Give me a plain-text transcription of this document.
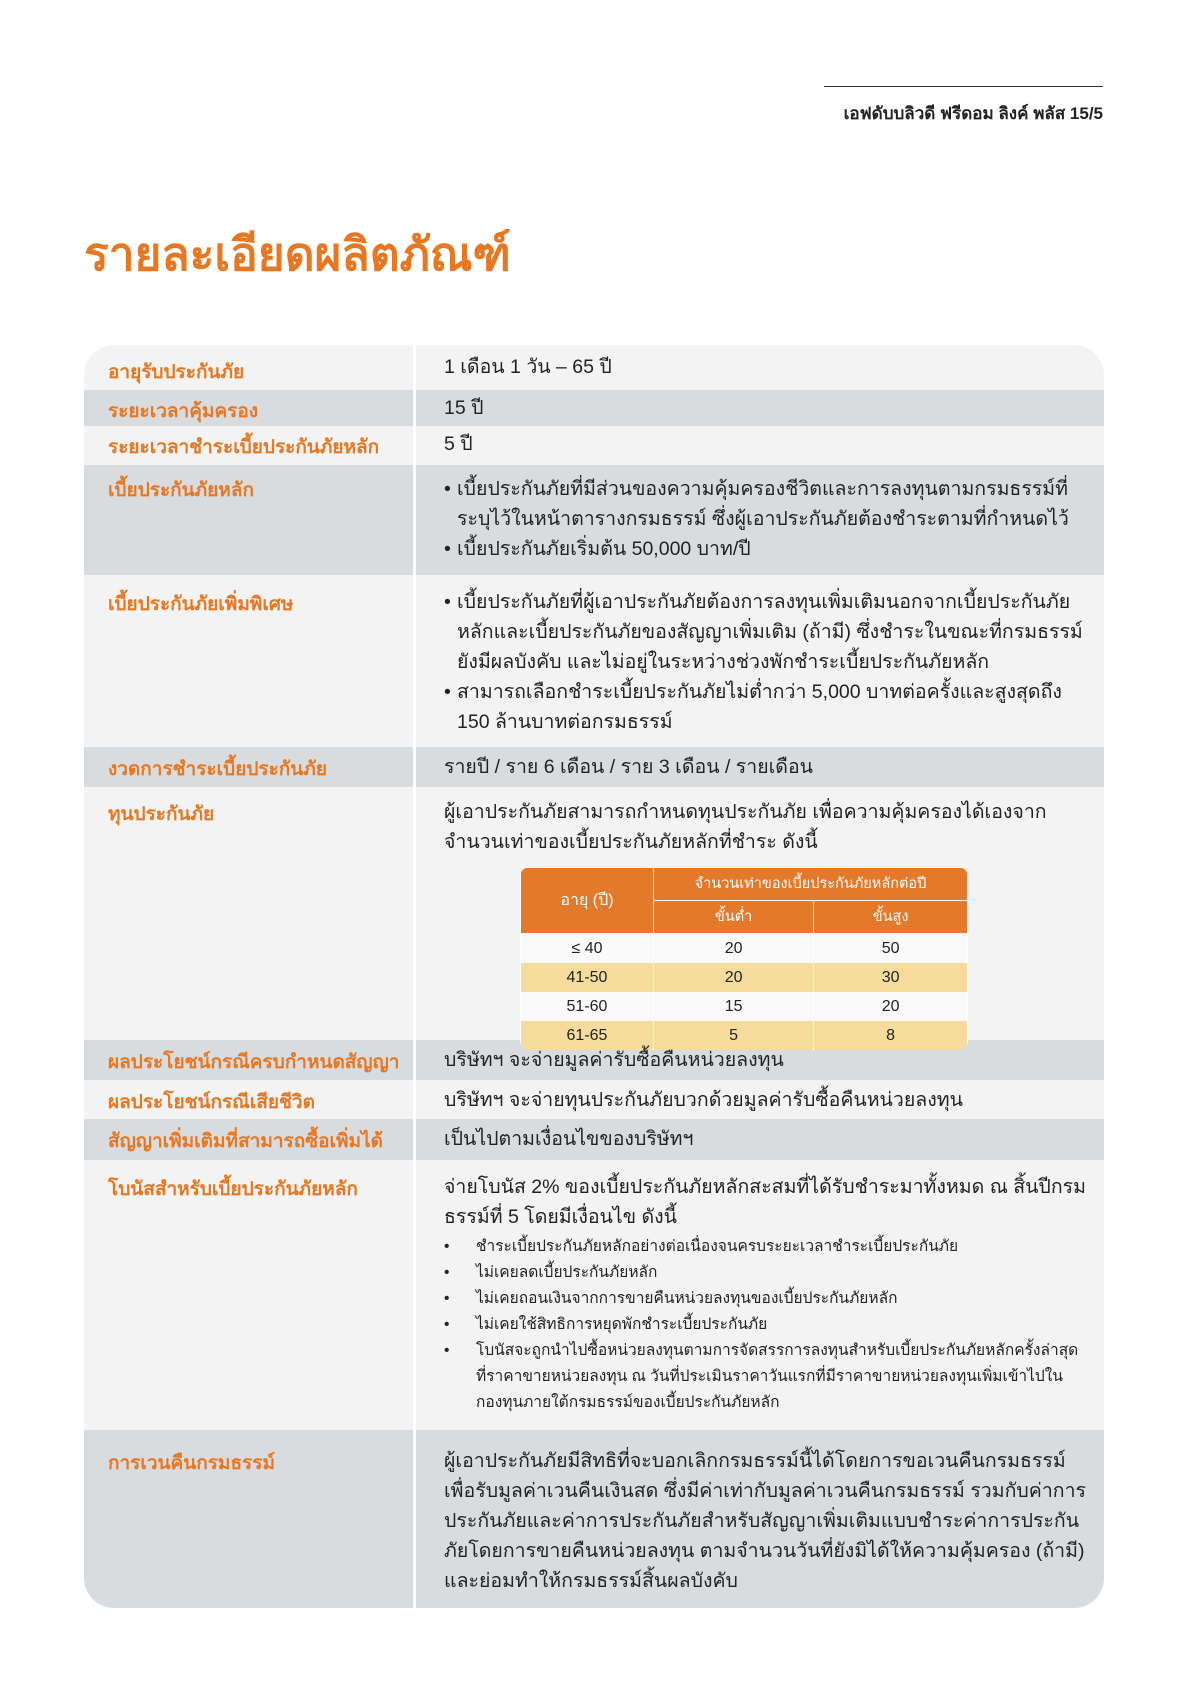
เอฟดับบลิวดี ฟรีดอม ลิงค์ พลัส 15/5
รายละเอียดผลิตภัณฑ์
อายุรับประกันภัย	1 เดือน 1 วัน – 65 ปี
ระยะเวลาคุ้มครอง	15 ปี
ระยะเวลาชำระเบี้ยประกันภัยหลัก	5 ปี
เบี้ยประกันภัยหลัก	• เบี้ยประกันภัยที่มีส่วนของความคุ้มครองชีวิตและการลงทุนตามกรมธรรม์ที่ระบุไว้ในหน้าตารางกรมธรรม์ ซึ่งผู้เอาประกันภัยต้องชำระตามที่กำหนดไว้
• เบี้ยประกันภัยเริ่มต้น 50,000 บาท/ปี
เบี้ยประกันภัยเพิ่มพิเศษ	• เบี้ยประกันภัยที่ผู้เอาประกันภัยต้องการลงทุนเพิ่มเติมนอกจากเบี้ยประกันภัยหลักและเบี้ยประกันภัยของสัญญาเพิ่มเติม (ถ้ามี) ซึ่งชำระในขณะที่กรมธรรม์ยังมีผลบังคับ และไม่อยู่ในระหว่างช่วงพักชำระเบี้ยประกันภัยหลัก
• สามารถเลือกชำระเบี้ยประกันภัยไม่ต่ำกว่า 5,000 บาทต่อครั้งและสูงสุดถึง 150 ล้านบาทต่อกรมธรรม์
งวดการชำระเบี้ยประกันภัย	รายปี / ราย 6 เดือน / ราย 3 เดือน / รายเดือน
ทุนประกันภัย	ผู้เอาประกันภัยสามารถกำหนดทุนประกันภัย เพื่อความคุ้มครองได้เองจากจำนวนเท่าของเบี้ยประกันภัยหลักที่ชำระ ดังนี้

อายุ (ปี)	จำนวนเท่าของเบี้ยประกันภัยหลักต่อปี	
	ขั้นต่ำ	ขั้นสูง
≤ 40	20	50
41-50	20	30
51-60	15	20
61-65	5	8
ผลประโยชน์กรณีครบกำหนดสัญญา	บริษัทฯ จะจ่ายมูลค่ารับซื้อคืนหน่วยลงทุน
ผลประโยชน์กรณีเสียชีวิต	บริษัทฯ จะจ่ายทุนประกันภัยบวกด้วยมูลค่ารับซื้อคืนหน่วยลงทุน
สัญญาเพิ่มเติมที่สามารถซื้อเพิ่มได้	เป็นไปตามเงื่อนไขของบริษัทฯ
โบนัสสำหรับเบี้ยประกันภัยหลัก	จ่ายโบนัส 2% ของเบี้ยประกันภัยหลักสะสมที่ได้รับชำระมาทั้งหมด ณ สิ้นปีกรมธรรม์ที่ 5 โดยมีเงื่อนไข ดังนี้

• ชำระเบี้ยประกันภัยหลักอย่างต่อเนื่องจนครบระยะเวลาชำระเบี้ยประกันภัย
• ไม่เคยลดเบี้ยประกันภัยหลัก
• ไม่เคยถอนเงินจากการขายคืนหน่วยลงทุนของเบี้ยประกันภัยหลัก
• ไม่เคยใช้สิทธิการหยุดพักชำระเบี้ยประกันภัย
• โบนัสจะถูกนำไปซื้อหน่วยลงทุนตามการจัดสรรการลงทุนสำหรับเบี้ยประกันภัยหลักครั้งล่าสุด ที่ราคาขายหน่วยลงทุน ณ วันที่ประเมินราคาวันแรกที่มีราคาขายหน่วยลงทุนเพิ่มเข้าไปในกองทุนภายใต้กรมธรรม์ของเบี้ยประกันภัยหลัก
การเวนคืนกรมธรรม์	ผู้เอาประกันภัยมีสิทธิที่จะบอกเลิกกรมธรรม์นี้ได้โดยการขอเวนคืนกรมธรรม์เพื่อรับมูลค่าเวนคืนเงินสด ซึ่งมีค่าเท่ากับมูลค่าเวนคืนกรมธรรม์ รวมกับค่าการประกันภัยและค่าการประกันภัยสำหรับสัญญาเพิ่มเติมแบบชำระค่าการประกันภัยโดยการขายคืนหน่วยลงทุน ตามจำนวนวันที่ยังมิได้ให้ความคุ้มครอง (ถ้ามี) และย่อมทำให้กรมธรรม์สิ้นผลบังคับ
